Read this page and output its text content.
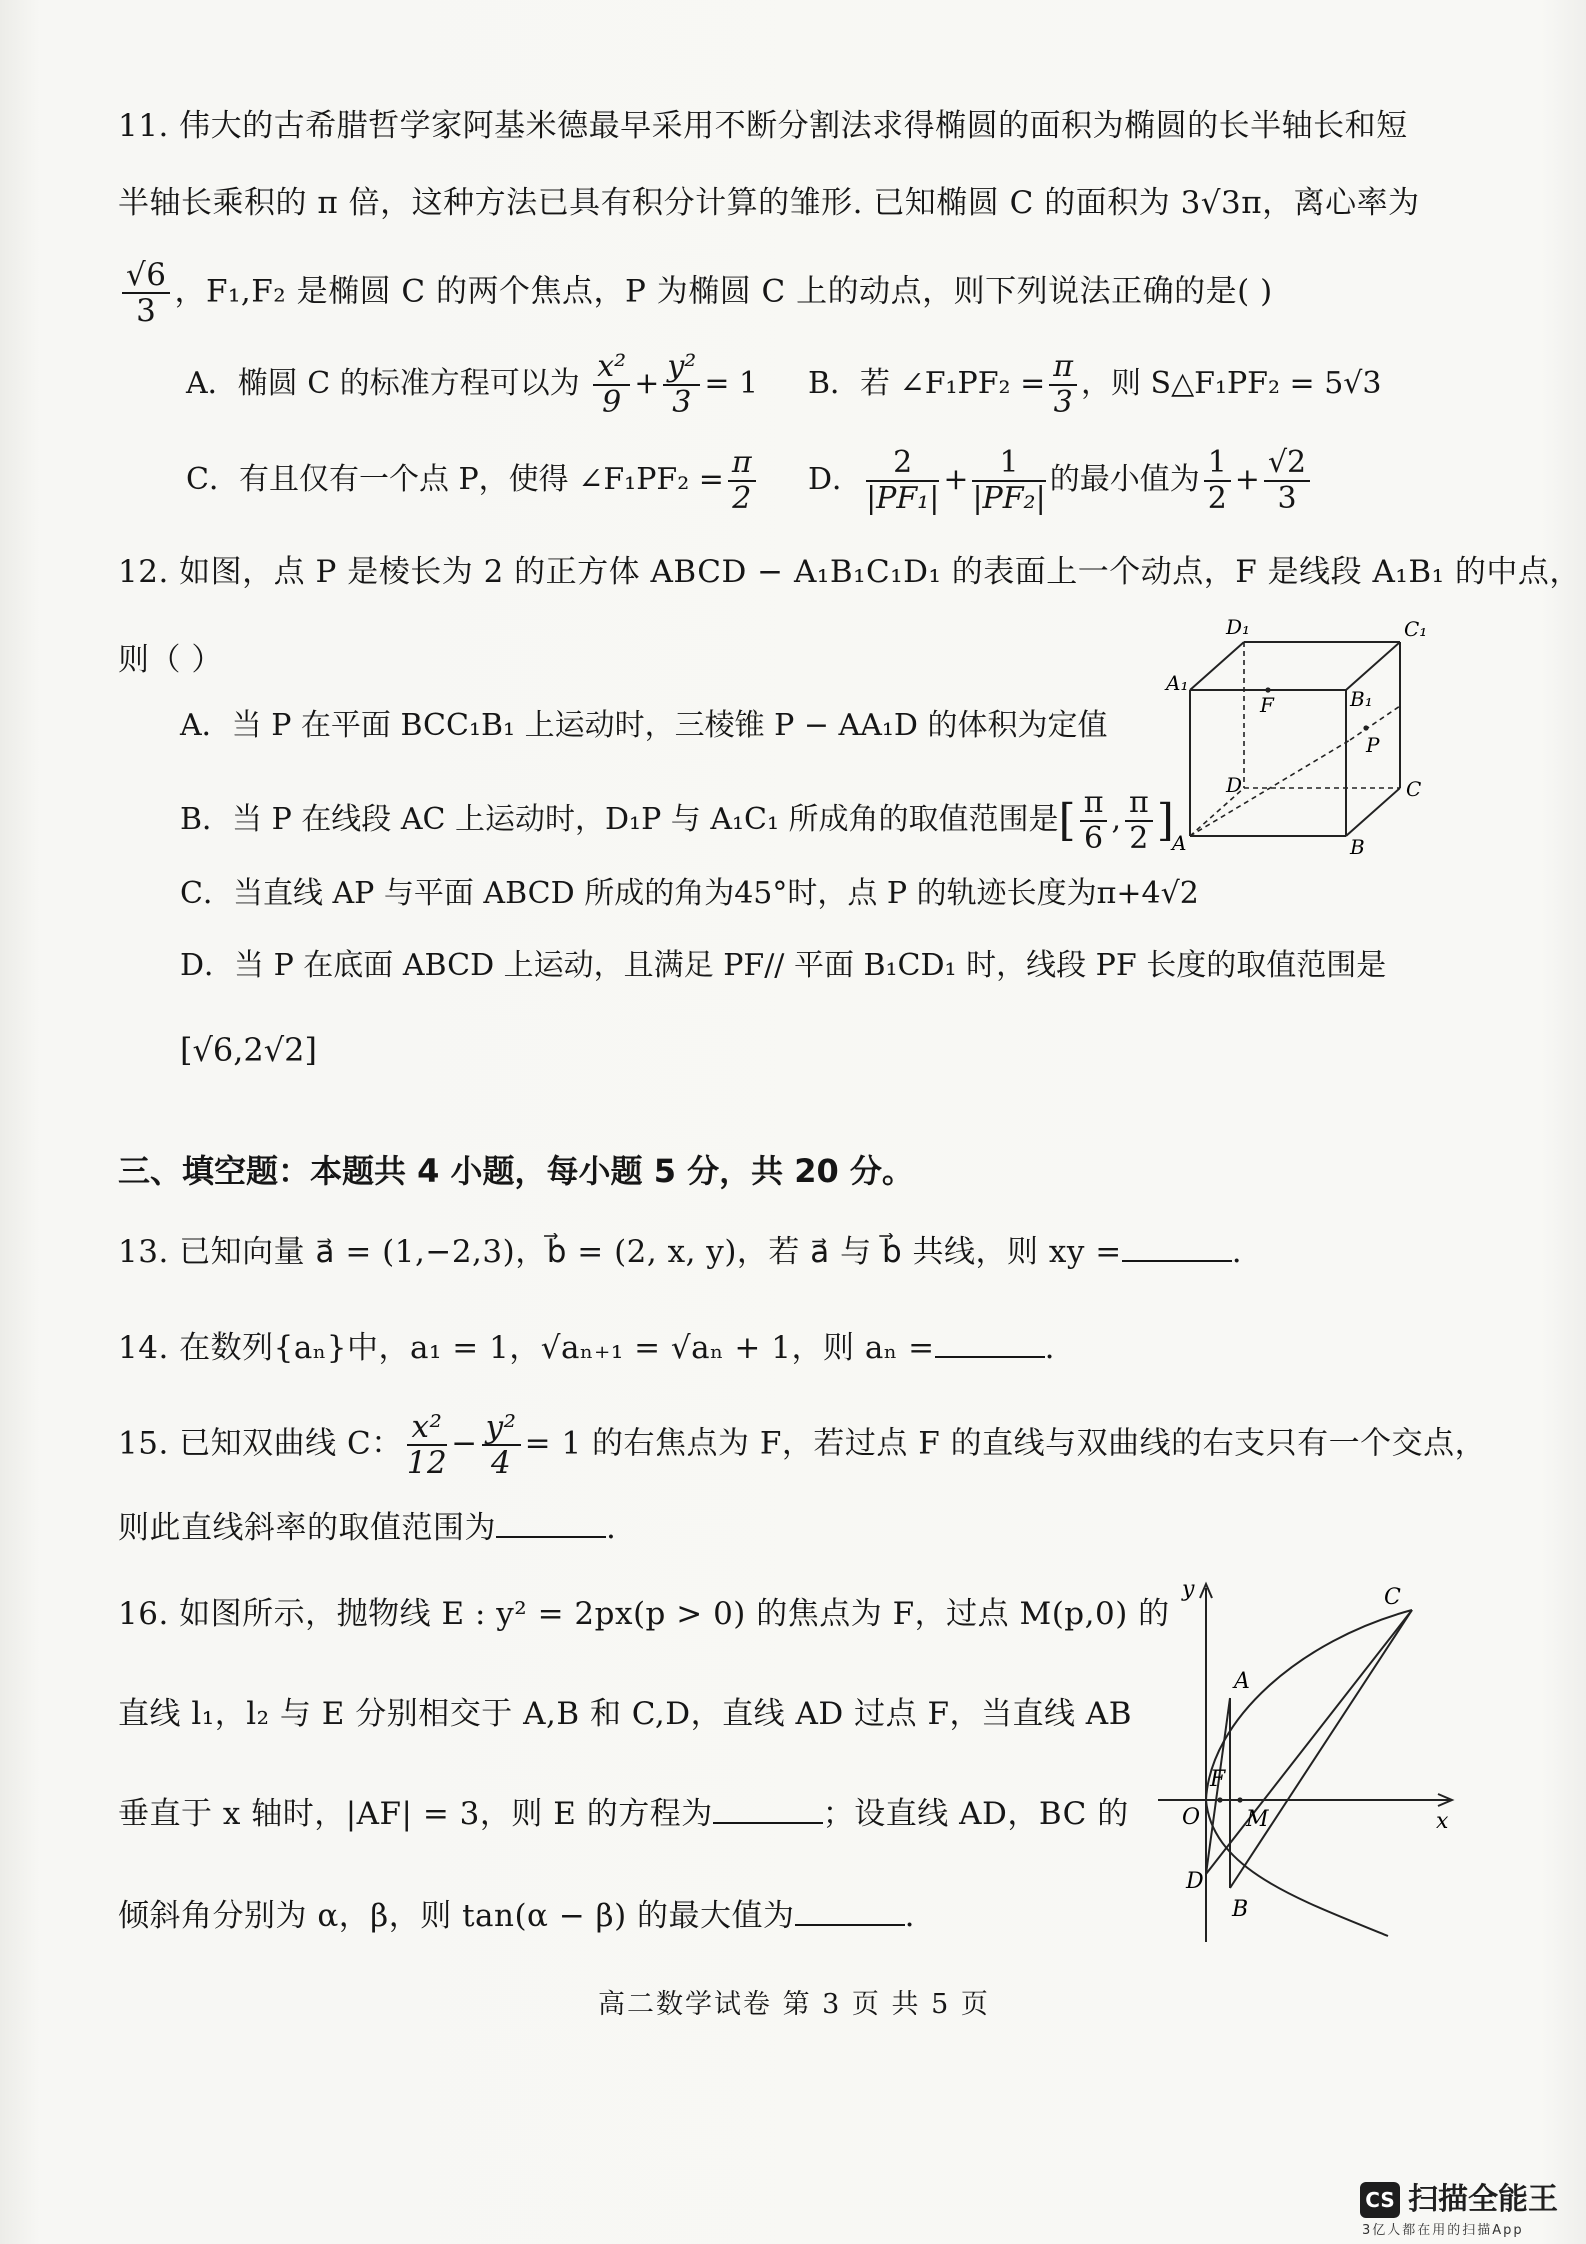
11. 伟大的古希腊哲学家阿基米德最早采用不断分割法求得椭圆的面积为椭圆的长半轴长和短
半轴长乘积的 π 倍，这种方法已具有积分计算的雏形. 已知椭圆 C 的面积为 3√3π，离心率为
$\frac{√6}{3}$ ，F₁,F₂ 是椭圆 C 的两个焦点，P 为椭圆 C 上的动点，则下列说法正确的是( )
A．椭圆 C 的标准方程可以为 $\frac{\text{x²}}{9} + \frac{\text{y²}}{3} = 1$ B．若 ∠F₁PF₂ = $\frac{\pi}{3}$ ，则 S△F₁PF₂ = 5√3
C．有且仅有一个点 P，使得 ∠F₁PF₂ = $\frac{\pi}{2}$ D． $\frac{2}{\text{|PF₁|}} + \frac{1}{\text{|PF₂|}}$ 的最小值为 $\frac{1}{2} + \frac{√2}{3}$
12. 如图，点 P 是棱长为 2 的正方体 ABCD − A₁B₁C₁D₁ 的表面上一个动点，F 是线段 A₁B₁ 的中点，
则（ ）
A．当 P 在平面 BCC₁B₁ 上运动时，三棱锥 P − AA₁D 的体积为定值
B．当 P 在线段 AC 上运动时，D₁P 与 A₁C₁ 所成角的取值范围是[ $\frac{\pi}{6}$ , $\frac{\pi}{2}$ ]
C．当直线 AP 与平面 ABCD 所成的角为45°时，点 P 的轨迹长度为π+4√2
D．当 P 在底面 ABCD 上运动，且满足 PF// 平面 B₁CD₁ 时，线段 PF 长度的取值范围是
[√6,2√2]
D₁	C₁
A₁
F	B₁
P
D	C
A	B
三、填空题：本题共 4 小题，每小题 5 分，共 20 分。
13. 已知向量 a⃗ = (1,−2,3)，b⃗ = (2, x, y)，若 a⃗ 与 b⃗ 共线，则 xy =	.
14. 在数列{aₙ}中，a₁ = 1，√aₙ₊₁ = √aₙ + 1，则 aₙ =	.
15. 已知双曲线 C： $\frac{\text{x²}}{12} - \frac{\text{y²}}{4} = 1$ 的右焦点为 F，若过点 F 的直线与双曲线的右支只有一个交点，
则此直线斜率的取值范围为	.
16. 如图所示，抛物线 E : y² = 2px(p > 0) 的焦点为 F，过点 M(p,0) 的
直线 l₁，l₂ 与 E 分别相交于 A,B 和 C,D，直线 AD 过点 F，当直线 AB
垂直于 x 轴时，|AF| = 3，则 E 的方程为	；设直线 AD，BC 的
倾斜角分别为 α，β，则 tan(α − β) 的最大值为	.
y
x
O
F
M
A
B
C
D
高二数学试卷 第 3 页 共 5 页
CS 扫描全能王
3亿人都在用的扫描App
